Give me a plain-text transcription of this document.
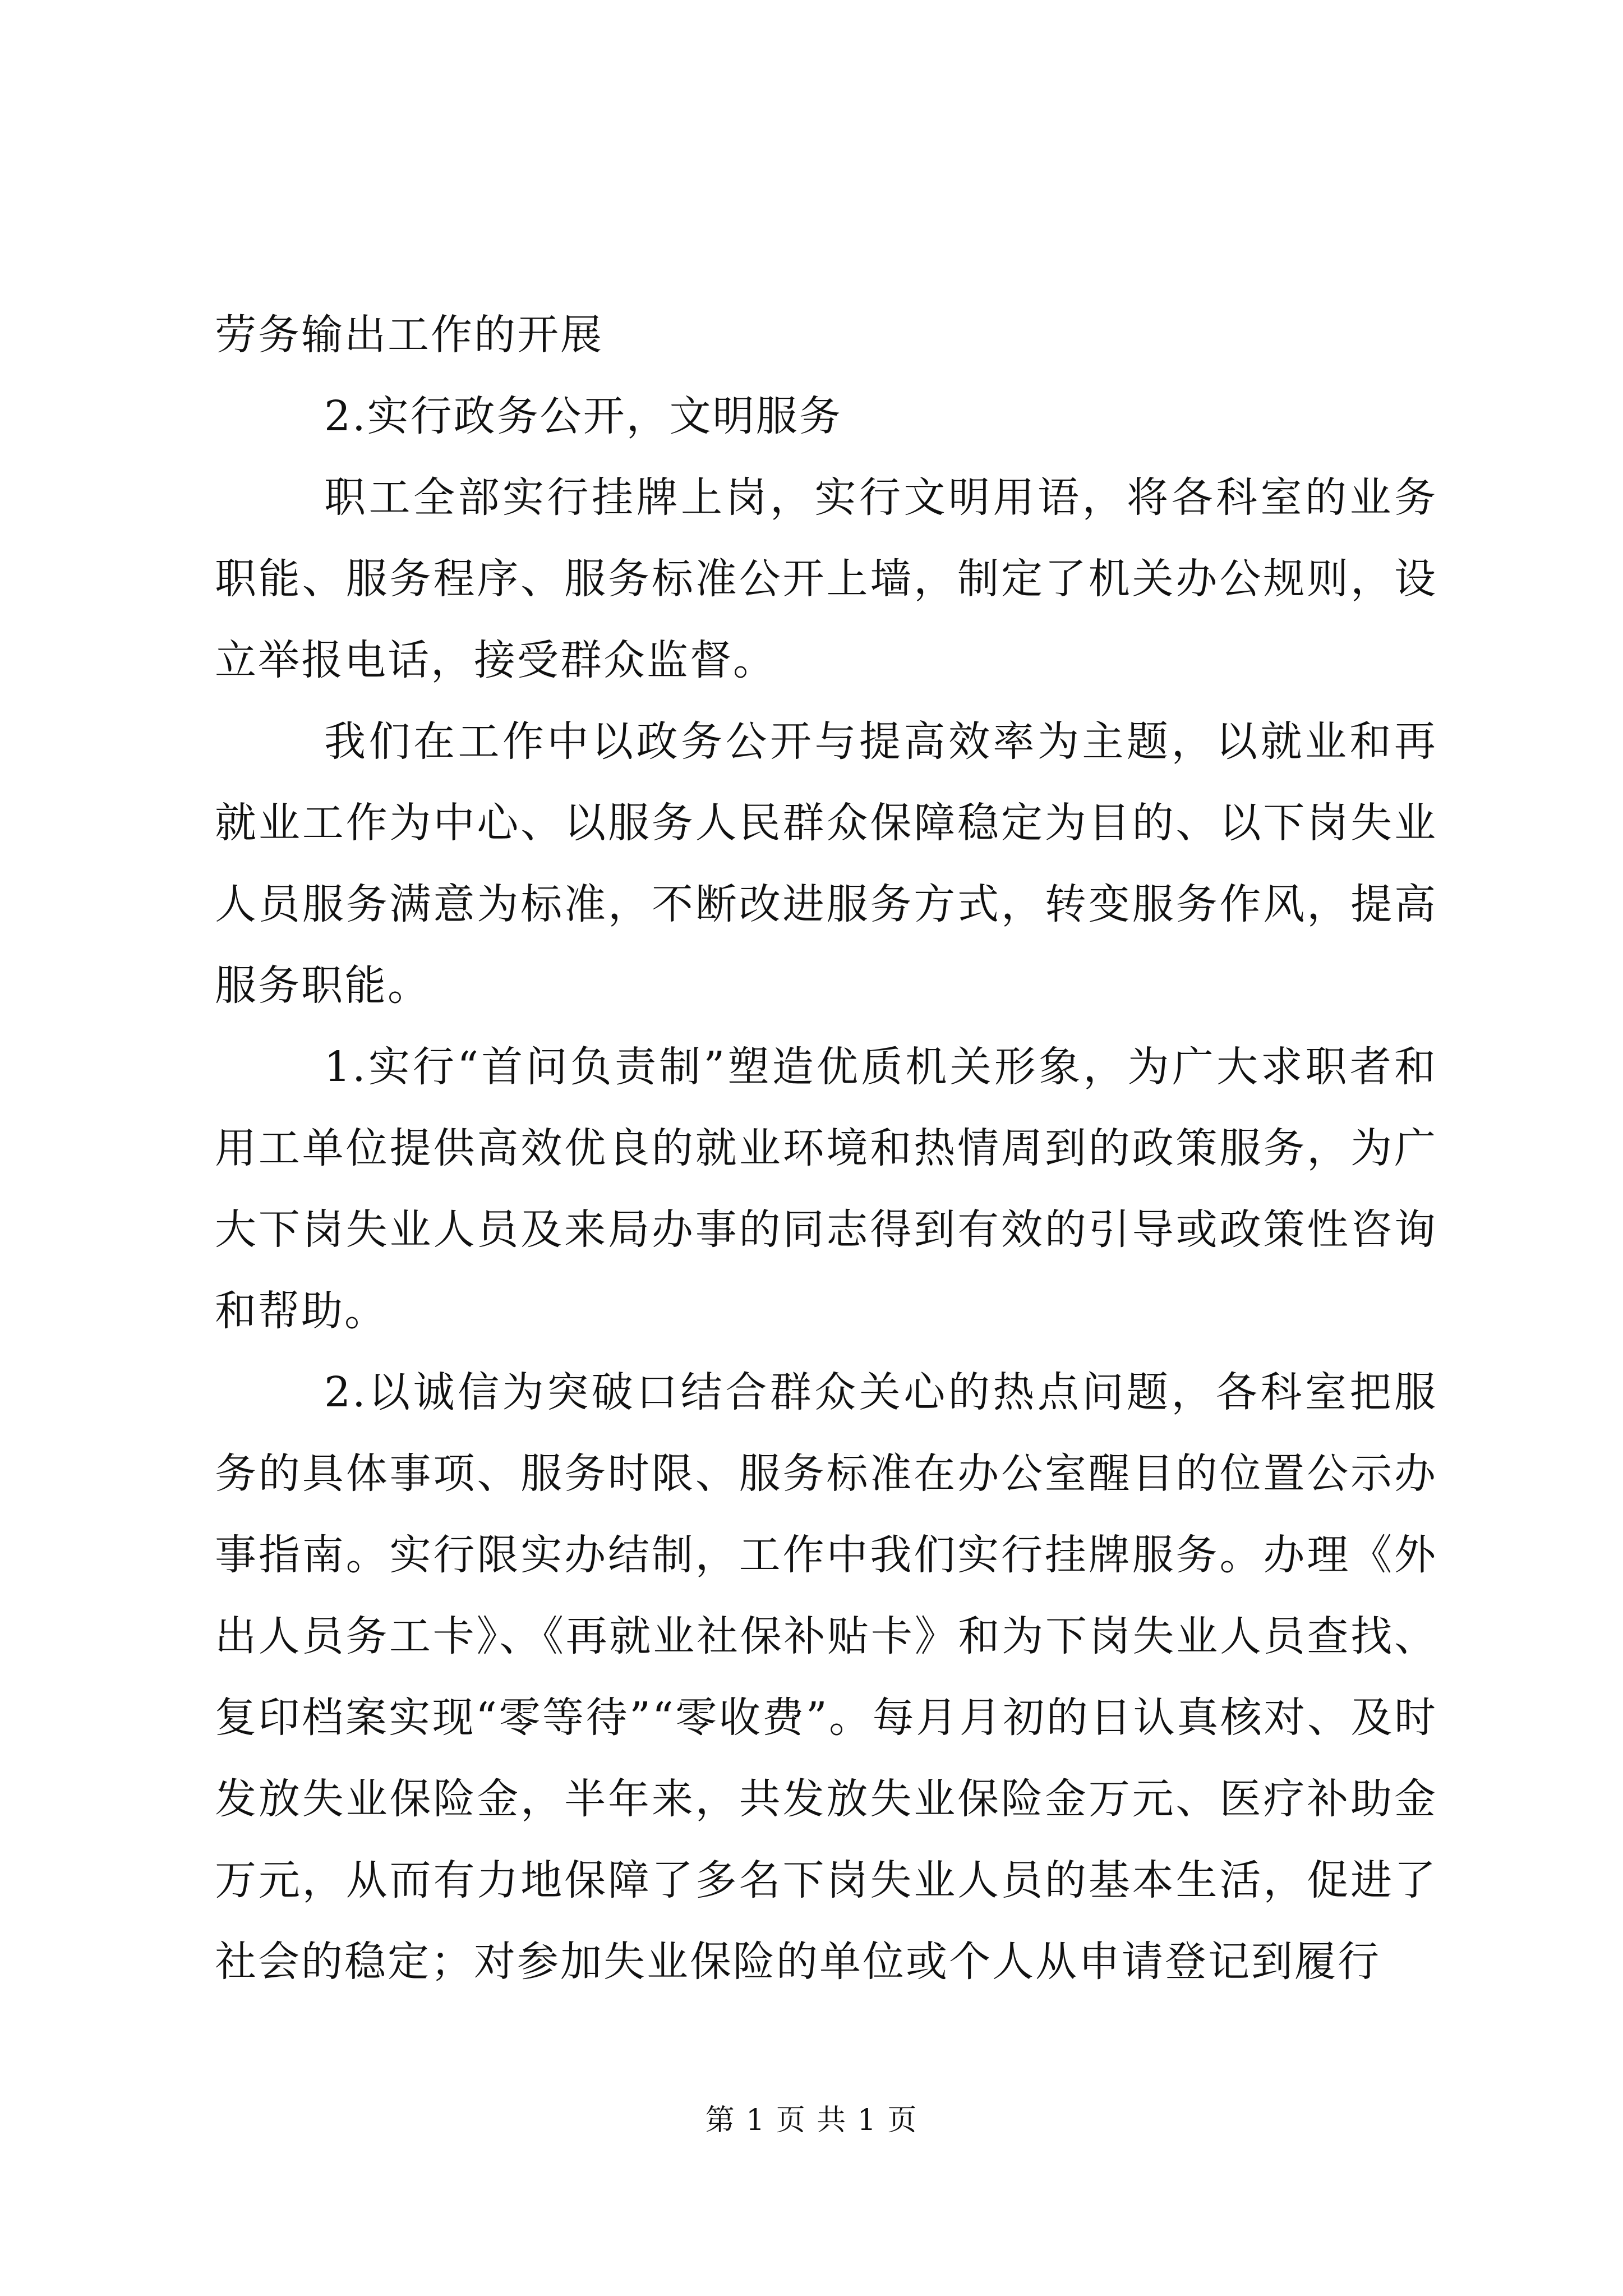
劳务输出工作的开展

2.实行政务公开，文明服务

职工全部实行挂牌上岗，实行文明用语，将各科室的业务职能、服务程序、服务标准公开上墙，制定了机关办公规则，设立举报电话，接受群众监督。

我们在工作中以政务公开与提高效率为主题，以就业和再就业工作为中心、以服务人民群众保障稳定为目的、以下岗失业人员服务满意为标准，不断改进服务方式，转变服务作风，提高服务职能。

1.实行“首问负责制”塑造优质机关形象，为广大求职者和用工单位提供高效优良的就业环境和热情周到的政策服务，为广大下岗失业人员及来局办事的同志得到有效的引导或政策性咨询和帮助。

2.以诚信为突破口结合群众关心的热点问题，各科室把服务的具体事项、服务时限、服务标准在办公室醒目的位置公示办事指南。实行限实办结制，工作中我们实行挂牌服务。办理《外出人员务工卡》、《再就业社保补贴卡》和为下岗失业人员查找、复印档案实现“零等待”“零收费”。每月月初的日认真核对、及时发放失业保险金，半年来，共发放失业保险金万元、医疗补助金万元，从而有力地保障了多名下岗失业人员的基本生活，促进了社会的稳定；对参加失业保险的单位或个人从申请登记到履行

第 1 页 共 1 页
